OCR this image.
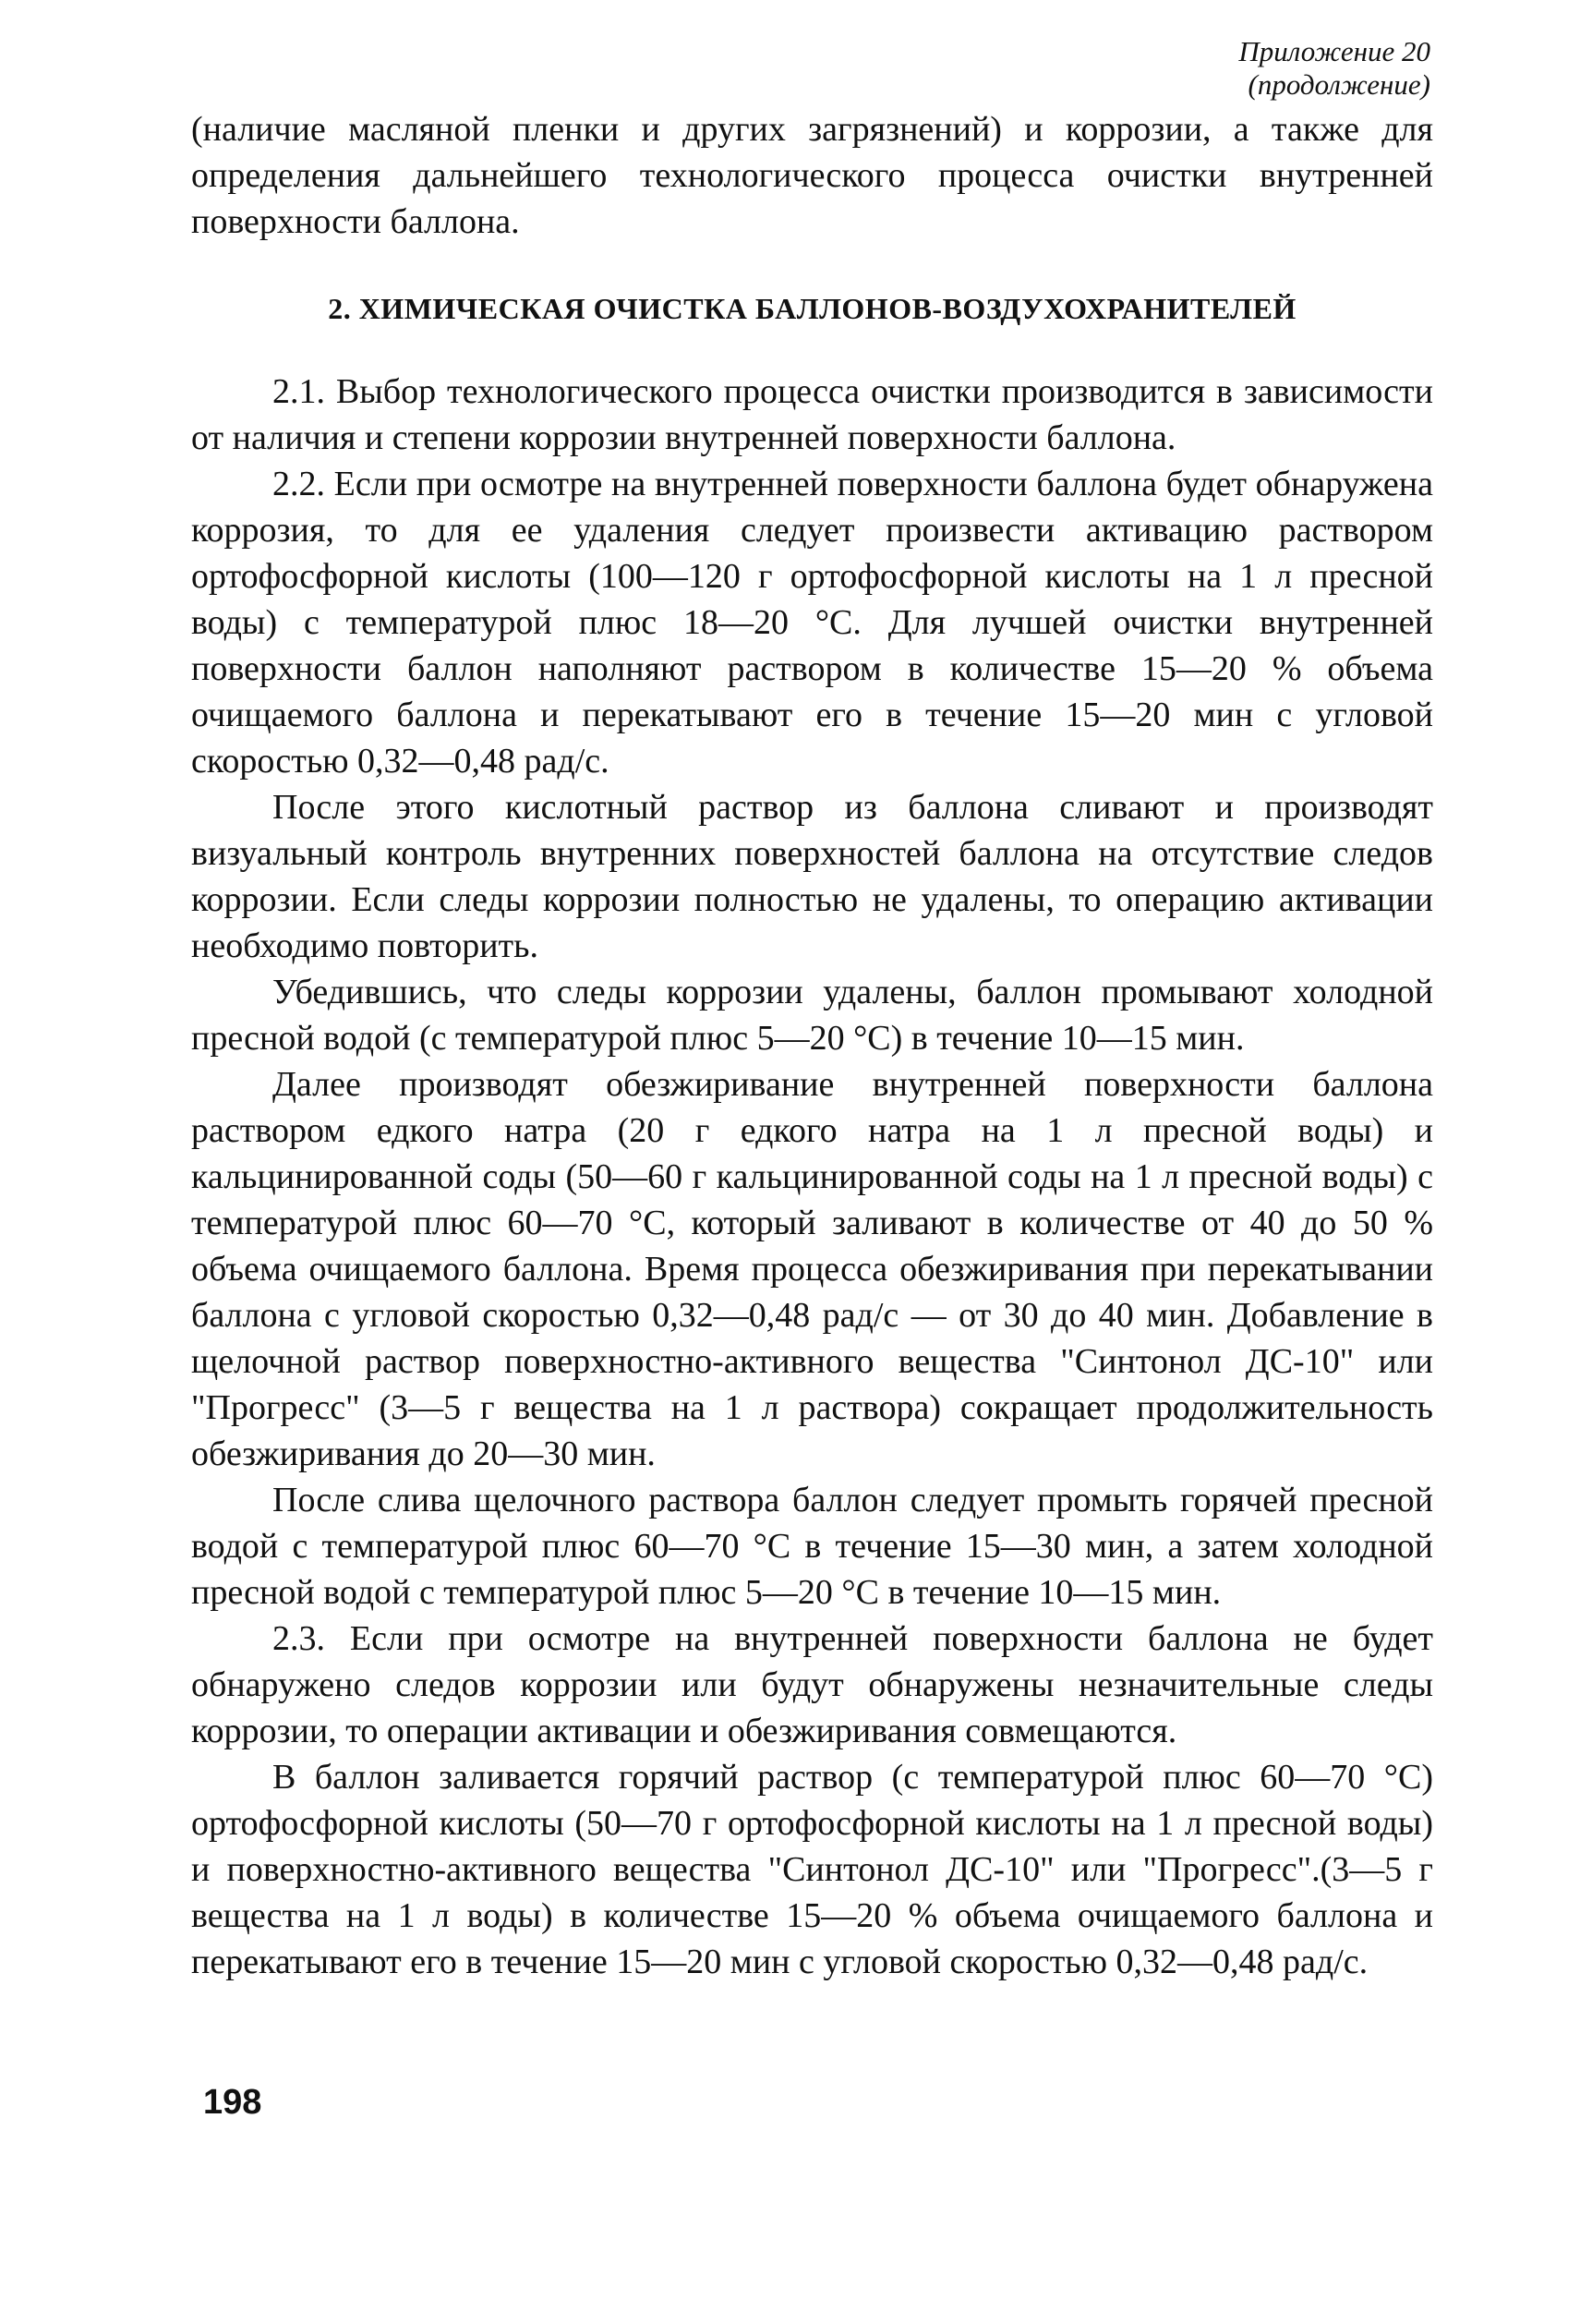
Приложение 20
(продолжение)

(наличие масляной пленки и других загрязнений) и коррозии, а также для определения дальнейшего технологического процесса очистки внутренней поверхности баллона.

2. ХИМИЧЕСКАЯ ОЧИСТКА БАЛЛОНОВ-ВОЗДУХОХРАНИТЕЛЕЙ

2.1. Выбор технологического процесса очистки производится в зависимости от наличия и степени коррозии внутренней поверхности баллона.

2.2. Если при осмотре на внутренней поверхности баллона будет обнаружена коррозия, то для ее удаления следует произвести активацию раствором ортофосфорной кислоты (100—120 г ортофосфорной кислоты на 1 л пресной воды) с температурой плюс 18—20 °С. Для лучшей очистки внутренней поверхности баллон наполняют раствором в количестве 15—20 % объема очищаемого баллона и перекатывают его в течение 15—20 мин с угловой скоростью 0,32—0,48 рад/с.

После этого кислотный раствор из баллона сливают и производят визуальный контроль внутренних поверхностей баллона на отсутствие следов коррозии. Если следы коррозии полностью не удалены, то операцию активации необходимо повторить.

Убедившись, что следы коррозии удалены, баллон промывают холодной пресной водой (с температурой плюс 5—20 °С) в течение 10—15 мин.

Далее производят обезжиривание внутренней поверхности баллона раствором едкого натра (20 г едкого натра на 1 л пресной воды) и кальцинированной соды (50—60 г кальцинированной соды на 1 л пресной воды) с температурой плюс 60—70 °С, который заливают в количестве от 40 до 50 % объема очищаемого баллона. Время процесса обезжиривания при перекатывании баллона с угловой скоростью 0,32—0,48 рад/с — от 30 до 40 мин. Добавление в щелочной раствор поверхностно-активного вещества "Синтонол ДС-10" или "Прогресс" (3—5 г вещества на 1 л раствора) сокращает продолжительность обезжиривания до 20—30 мин.

После слива щелочного раствора баллон следует промыть горячей пресной водой с температурой плюс 60—70 °С в течение 15—30 мин, а затем холодной пресной водой с температурой плюс 5—20 °С в течение 10—15 мин.

2.3. Если при осмотре на внутренней поверхности баллона не будет обнаружено следов коррозии или будут обнаружены незначительные следы коррозии, то операции активации и обезжиривания совмещаются.

В баллон заливается горячий раствор (с температурой плюс 60—70 °С) ортофосфорной кислоты (50—70 г ортофосфорной кислоты на 1 л пресной воды) и поверхностно-активного вещества "Синтонол ДС-10" или "Прогресс".(3—5 г вещества на 1 л воды) в количестве 15—20 % объема очищаемого баллона и перекатывают его в течение 15—20 мин с угловой скоростью 0,32—0,48 рад/с.

198
